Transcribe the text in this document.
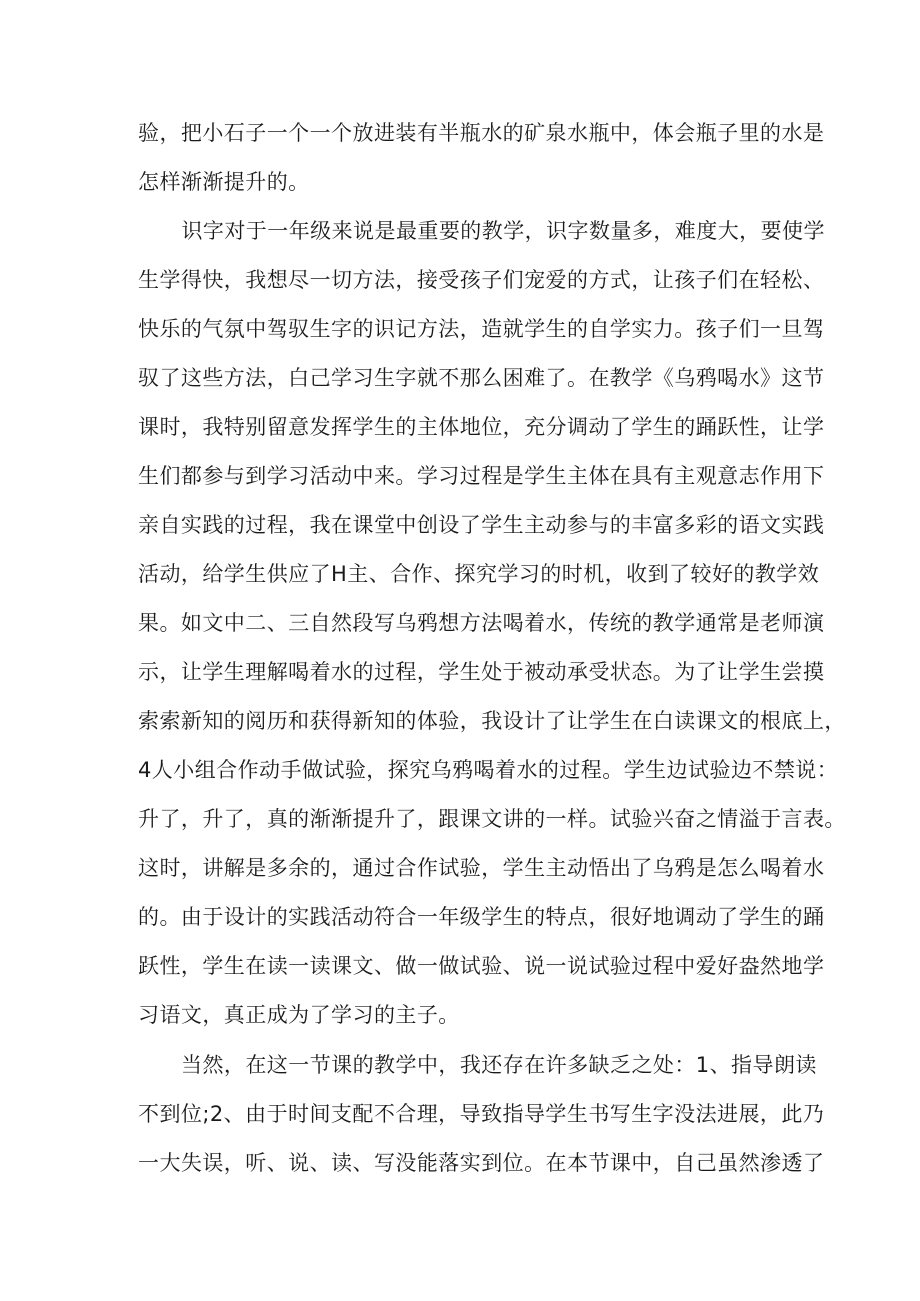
验，把小石子一个一个放进装有半瓶水的矿泉水瓶中，体会瓶子里的水是
怎样渐渐提升的。
　识字对于一年级来说是最重要的教学，识字数量多，难度大，要使学
生学得快，我想尽一切方法，接受孩子们宠爱的方式，让孩子们在轻松、
快乐的气氛中驾驭生字的识记方法，造就学生的自学实力。孩子们一旦驾
驭了这些方法，白己学习生字就不那么困难了。在教学《乌鸦喝水》这节
课时，我特别留意发挥学生的主体地位，充分调动了学生的踊跃性，让学
生们都参与到学习活动中来。学习过程是学生主体在具有主观意志作用下
亲自实践的过程，我在课堂中创设了学生主动参与的丰富多彩的语文实践
活动，给学生供应了H主、合作、探究学习的时机，收到了较好的教学效
果。如文中二、三自然段写乌鸦想方法喝着水，传统的教学通常是老师演
示，让学生理解喝着水的过程，学生处于被动承受状态。为了让学生尝摸
索索新知的阅历和获得新知的体验，我设计了让学生在白读课文的根底上，
4人小组合作动手做试验，探究乌鸦喝着水的过程。学生边试验边不禁说：
升了，升了，真的渐渐提升了，跟课文讲的一样。试验兴奋之情溢于言表。
这时，讲解是多余的，通过合作试验，学生主动悟出了乌鸦是怎么喝着水
的。由于设计的实践活动符合一年级学生的特点，很好地调动了学生的踊
跃性，学生在读一读课文、做一做试验、说一说试验过程中爱好盎然地学
习语文，真正成为了学习的主子。
当然，在这一节课的教学中，我还存在许多缺乏之处：1、指导朗读
不到位;2、由于时间支配不合理，导致指导学生书写生字没法进展，此乃
一大失误，听、说、读、写没能落实到位。在本节课中，自己虽然渗透了
